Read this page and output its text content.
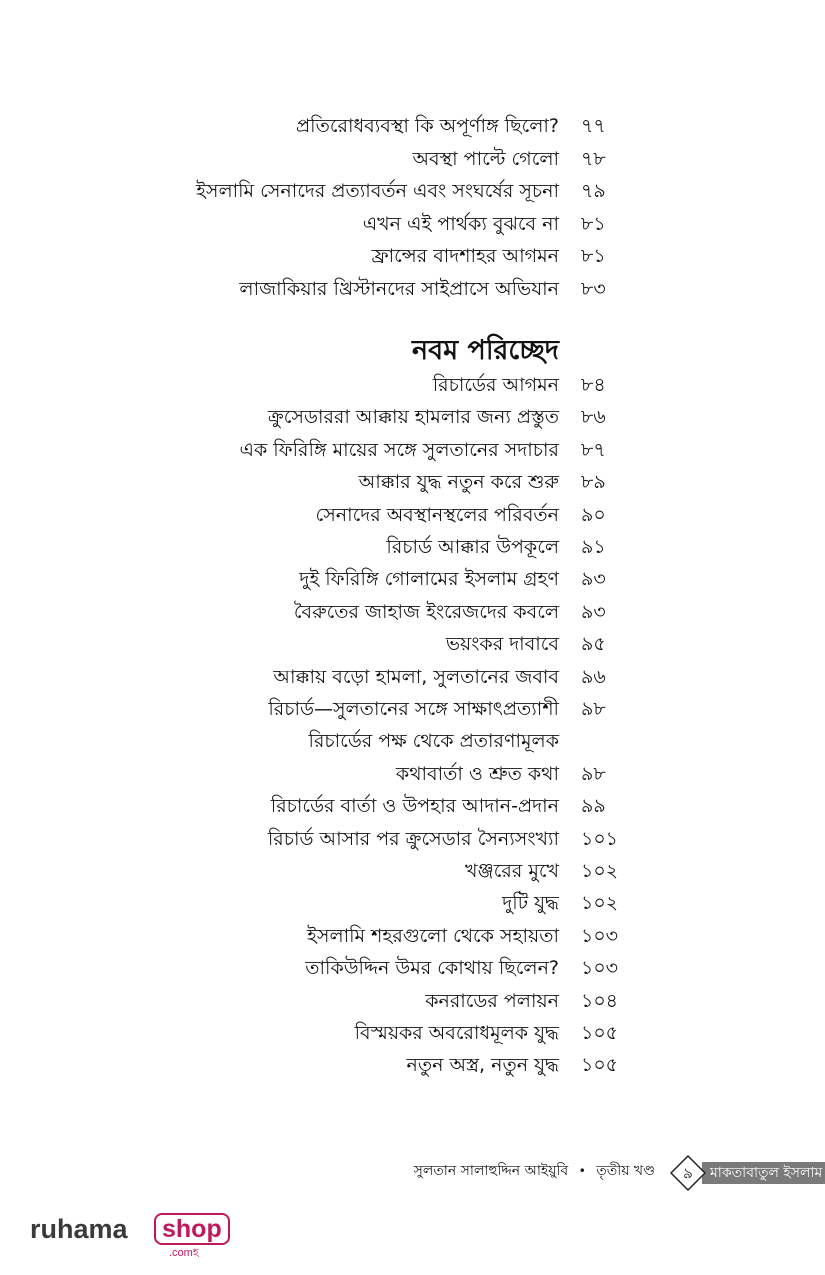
প্রতিরোধব্যবস্থা কি অপূর্ণাঙ্গ ছিলো? ৭৭
অবস্থা পাল্টে গেলো ৭৮
ইসলামি সেনাদের প্রত্যাবর্তন এবং সংঘর্ষের সূচনা ৭৯
এখন এই পার্থক্য বুঝবে না ৮১
ফ্রান্সের বাদশাহর আগমন ৮১
লাজাকিয়ার খ্রিস্টানদের সাইপ্রাসে অভিযান ৮৩
রিচার্ডের আগমন ৮৪
ক্রুসেডাররা আক্কায় হামলার জন্য প্রস্তুত ৮৬
এক ফিরিঙ্গি মায়ের সঙ্গে সুলতানের সদাচার ৮৭
আক্কার যুদ্ধ নতুন করে শুরু ৮৯
সেনাদের অবস্থানস্থলের পরিবর্তন ৯০
রিচার্ড আক্কার উপকূলে ৯১
দুই ফিরিঙ্গি গোলামের ইসলাম গ্রহণ ৯৩
বৈরুতের জাহাজ ইংরেজদের কবলে ৯৩
ভয়ংকর দাবাবে ৯৫
আক্কায় বড়ো হামলা, সুলতানের জবাব ৯৬
রিচার্ড—সুলতানের সঙ্গে সাক্ষাৎপ্রত্যাশী ৯৮
রিচার্ডের পক্ষ থেকে প্রতারণামূলক
কথাবার্তা ও শ্রুত কথা ৯৮
রিচার্ডের বার্তা ও উপহার আদান-প্রদান ৯৯
রিচার্ড আসার পর ক্রুসেডার সৈন্যসংখ্যা ১০১
খঞ্জরের মুখে ১০২
দুটি যুদ্ধ ১০২
ইসলামি শহরগুলো থেকে সহায়তা ১০৩
তাকিউদ্দিন উমর কোথায় ছিলেন? ১০৩
কনরাডের পলায়ন ১০৪
বিস্ময়কর অবরোধমূলক যুদ্ধ ১০৫
নতুন অস্ত্র, নতুন যুদ্ধ ১০৫
নবম পরিচ্ছেদ
সুলতান সালাহুদ্দিন আইয়ুবি • তৃতীয় খণ্ড	মাকতাবাতুল ইসলাম
৯
ruhama	shop
.comহ
